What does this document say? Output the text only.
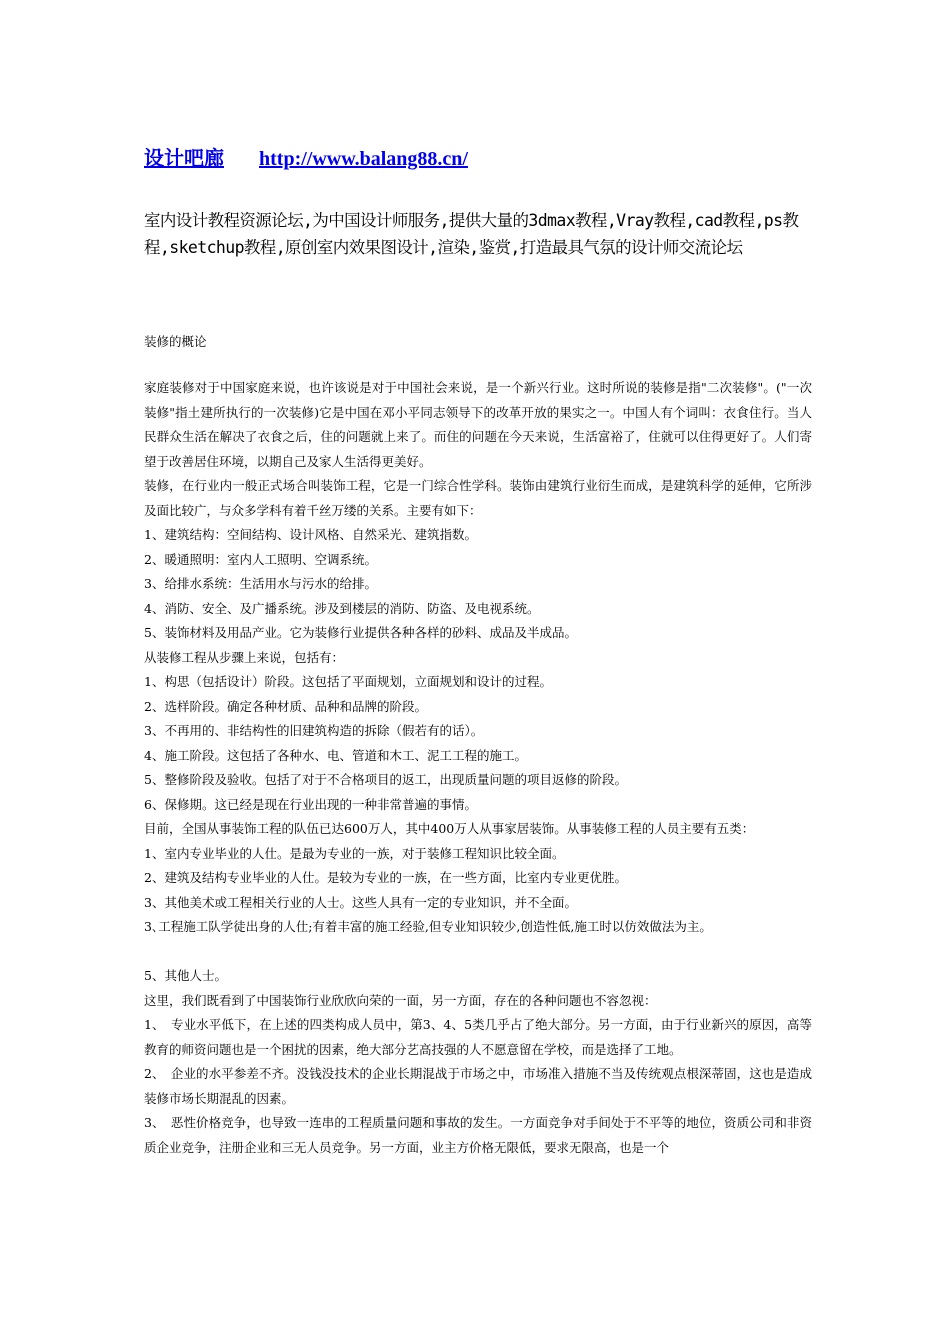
设计吧廊 http://www.balang88.cn/
室内设计教程资源论坛,为中国设计师服务,提供大量的3dmax教程,Vray教程,cad教程,ps教程,sketchup教程,原创室内效果图设计,渲染,鉴赏,打造最具气氛的设计师交流论坛
装修的概论

家庭装修对于中国家庭来说，也许该说是对于中国社会来说，是一个新兴行业。这时所说的装修是指"二次装修"。("一次装修"指土建所执行的一次装修)它是中国在邓小平同志领导下的改革开放的果实之一。中国人有个词叫：衣食住行。当人民群众生活在解决了衣食之后，住的问题就上来了。而住的问题在今天来说，生活富裕了，住就可以住得更好了。人们寄望于改善居住环境，以期自己及家人生活得更美好。

装修，在行业内一般正式场合叫装饰工程，它是一门综合性学科。装饰由建筑行业衍生而成，是建筑科学的延伸，它所涉及面比较广，与众多学科有着千丝万缕的关系。主要有如下：

1、建筑结构：空间结构、设计风格、自然采光、建筑指数。

2、暖通照明：室内人工照明、空调系统。

3、给排水系统：生活用水与污水的给排。

4、消防、安全、及广播系统。涉及到楼层的消防、防盗、及电视系统。

5、装饰材料及用品产业。它为装修行业提供各种各样的砂料、成品及半成品。

从装修工程从步骤上来说，包括有：

1、构思（包括设计）阶段。这包括了平面规划，立面规划和设计的过程。

2、选样阶段。确定各种材质、品种和品牌的阶段。

3、不再用的、非结构性的旧建筑构造的拆除（假若有的话）。

4、施工阶段。这包括了各种水、电、管道和木工、泥工工程的施工。

5、整修阶段及验收。包括了对于不合格项目的返工，出现质量问题的项目返修的阶段。

6、保修期。这已经是现在行业出现的一种非常普遍的事情。

目前，全国从事装饰工程的队伍已达600万人，其中400万人从事家居装饰。从事装修工程的人员主要有五类：

1、室内专业毕业的人仕。是最为专业的一族，对于装修工程知识比较全面。

2、建筑及结构专业毕业的人仕。是较为专业的一族，在一些方面，比室内专业更优胜。

3、其他美术或工程相关行业的人士。这些人具有一定的专业知识，并不全面。

3､工程施工队学徒出身的人仕;有着丰富的施工经验,但专业知识较少,创造性低,施工时以仿效做法为主。

5、其他人士。

这里，我们既看到了中国装饰行业欣欣向荣的一面，另一方面，存在的各种问题也不容忽视：

1、　专业水平低下，在上述的四类构成人员中，第3、4、5类几乎占了绝大部分。另一方面，由于行业新兴的原因，高等教育的师资问题也是一个困扰的因素，绝大部分艺高技强的人不愿意留在学校，而是选择了工地。

2、　企业的水平参差不齐。没钱没技术的企业长期混战于市场之中，市场准入措施不当及传统观点根深蒂固，这也是造成装修市场长期混乱的因素。

3、　恶性价格竞争，也导致一连串的工程质量问题和事故的发生。一方面竞争对手间处于不平等的地位，资质公司和非资质企业竞争，注册企业和三无人员竞争。另一方面，业主方价格无限低，要求无限高，也是一个
